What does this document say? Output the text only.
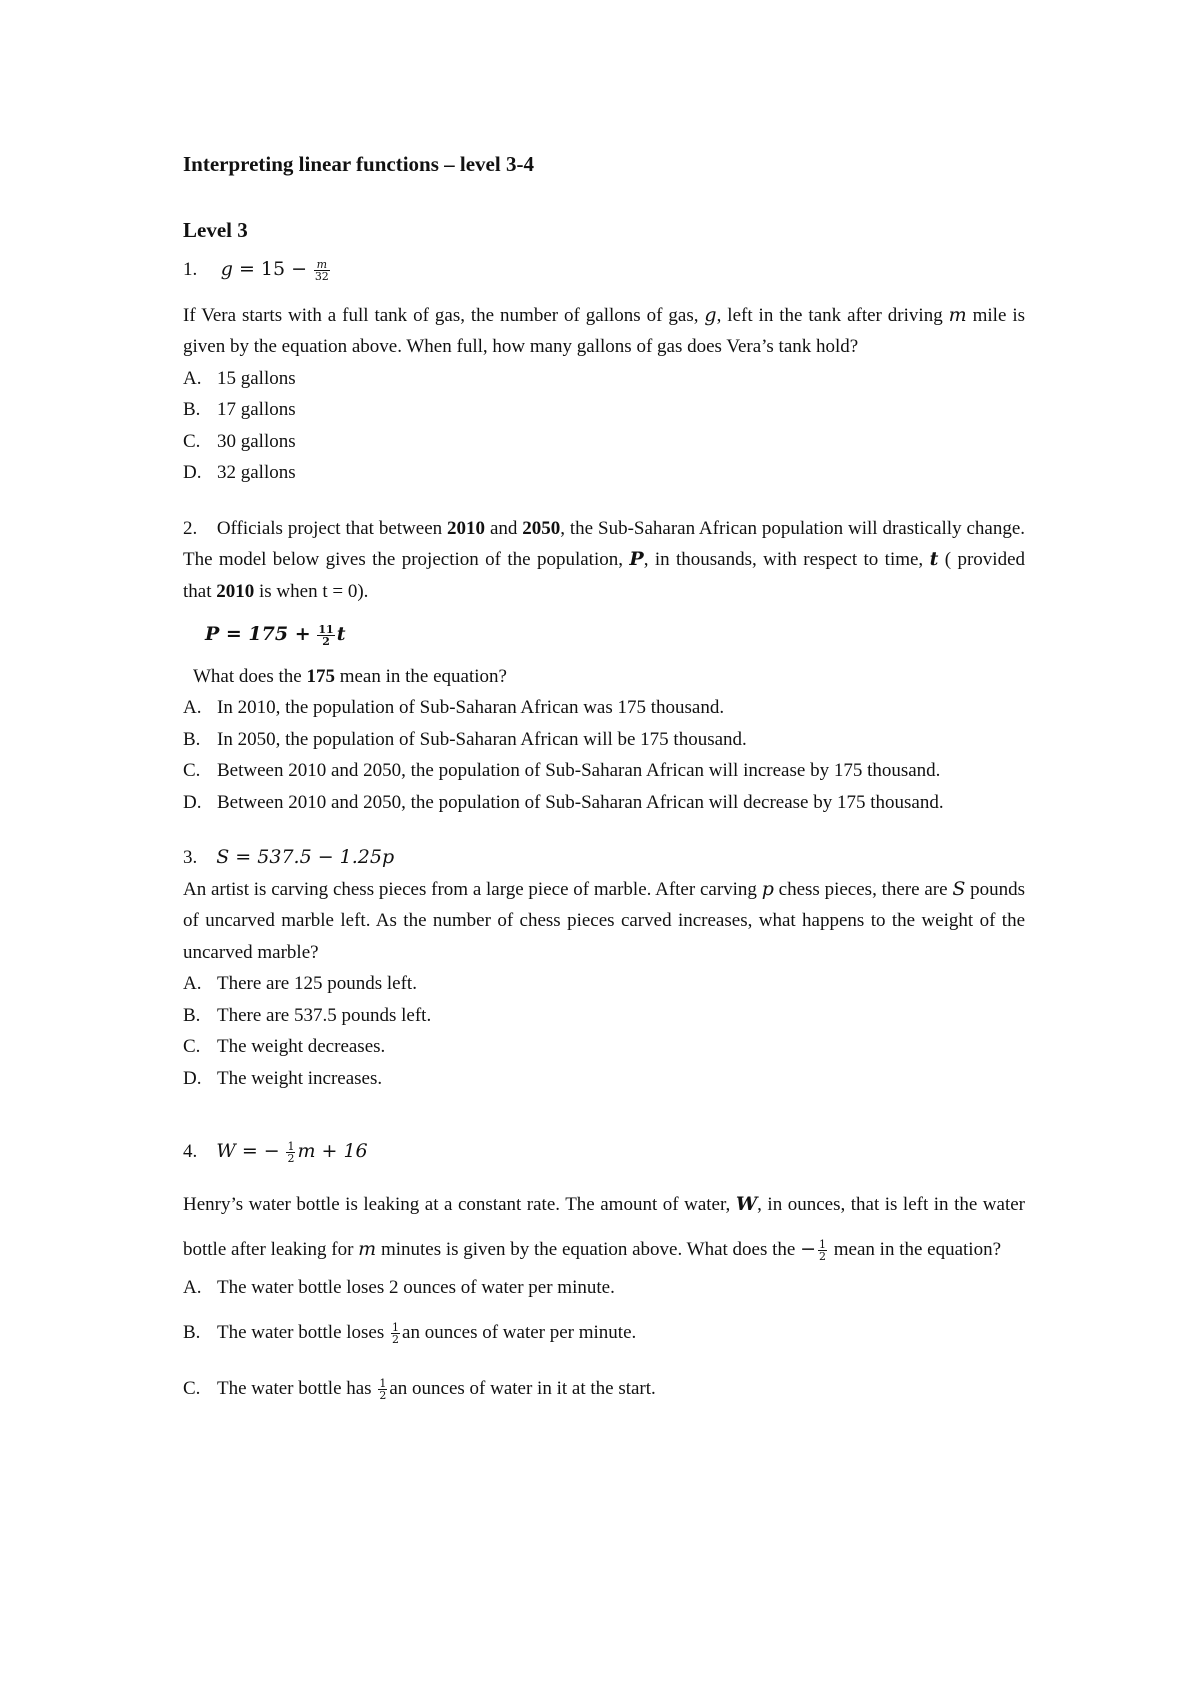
Interpreting linear functions – level 3-4
Level 3
1. $g = 15 - \frac{m}{32}$
If Vera starts with a full tank of gas, the number of gallons of gas, g, left in the tank after driving m mile is given by the equation above. When full, how many gallons of gas does Vera’s tank hold?
A. 15 gallons
B. 17 gallons
C. 30 gallons
D. 32 gallons
2. Officials project that between 2010 and 2050, the Sub-Saharan African population will drastically change. The model below gives the projection of the population, P, in thousands, with respect to time, t ( provided that 2010 is when t = 0).
$P = 175 + \frac{11}{2}$ t
What does the 175 mean in the equation?
A. In 2010, the population of Sub-Saharan African was 175 thousand.
B. In 2050, the population of Sub-Saharan African will be 175 thousand.
C. Between 2010 and 2050, the population of Sub-Saharan African will increase by 175 thousand.
D. Between 2010 and 2050, the population of Sub-Saharan African will decrease by 175 thousand.
3. S = 537.5 − 1.25p
An artist is carving chess pieces from a large piece of marble. After carving p chess pieces, there are S pounds of uncarved marble left. As the number of chess pieces carved increases, what happens to the weight of the uncarved marble?
A. There are 125 pounds left.
B. There are 537.5 pounds left.
C. The weight decreases.
D. The weight increases.
4. W = − $\frac{1}{2}$ m + 16
Henry’s water bottle is leaking at a constant rate. The amount of water, W, in ounces, that is left in the water bottle after leaking for m minutes is given by the equation above. What does the − $\frac{1}{2}$ mean in the equation?
A. The water bottle loses 2 ounces of water per minute.
B. The water bottle loses $\frac{1}{2}$ an ounces of water per minute.
C. The water bottle has $\frac{1}{2}$ an ounces of water in it at the start.
